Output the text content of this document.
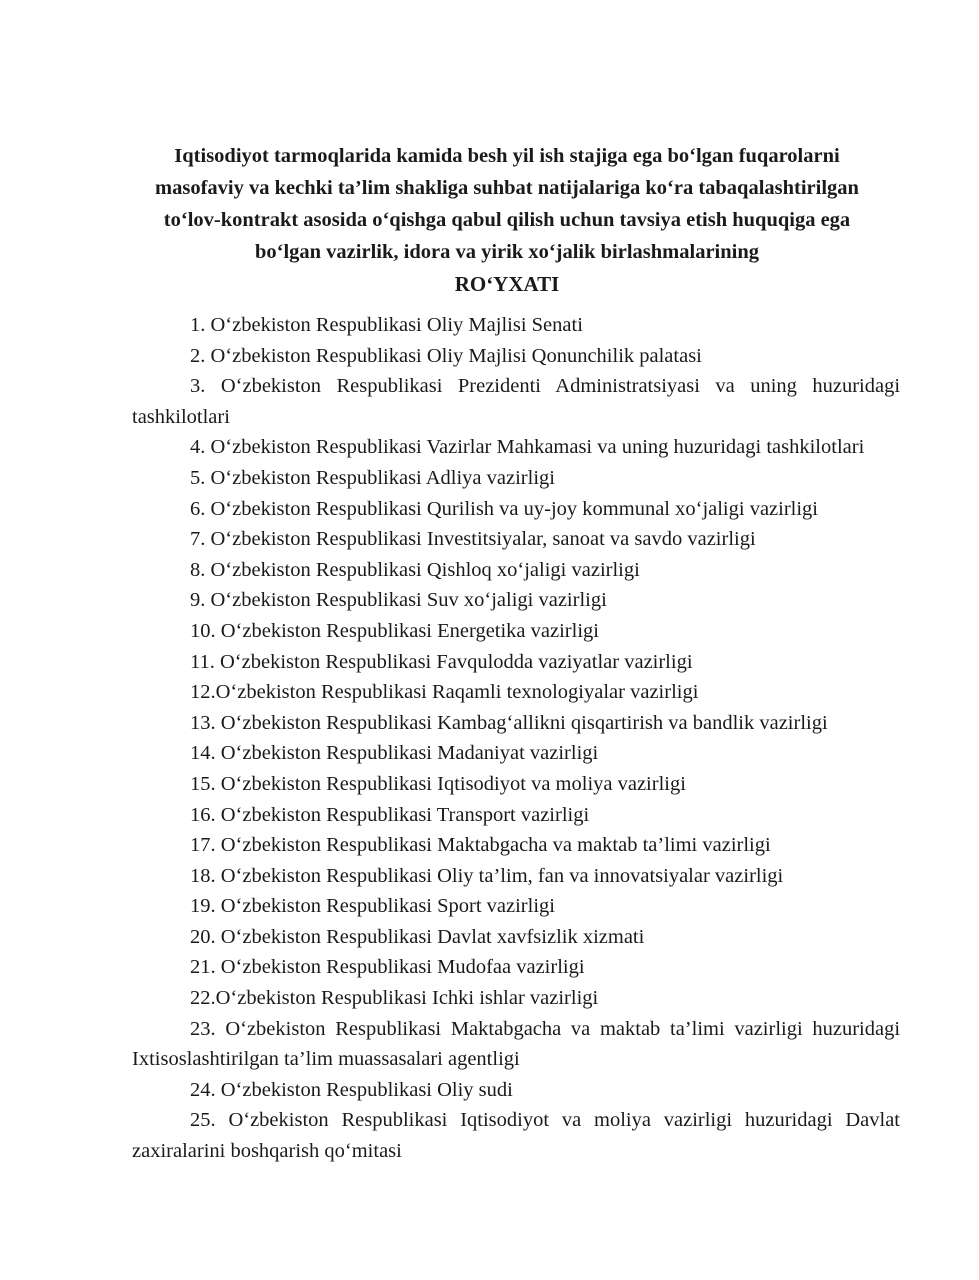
Iqtisodiyot tarmoqlarida kamida besh yil ish stajiga ega bo‘lgan fuqarolarni
masofaviy va kechki ta’lim shakliga suhbat natijalariga ko‘ra tabaqalashtirilgan
to‘lov-kontrakt asosida o‘qishga qabul qilish uchun tavsiya etish huquqiga ega
bo‘lgan vazirlik, idora va yirik xo‘jalik birlashmalarining
RO‘YXATI
1. O‘zbekiston Respublikasi Oliy Majlisi Senati
2. O‘zbekiston Respublikasi Oliy Majlisi Qonunchilik palatasi
3. O‘zbekiston Respublikasi Prezidenti Administratsiyasi va uning huzuridagi tashkilotlari
4. O‘zbekiston Respublikasi Vazirlar Mahkamasi va uning huzuridagi tashkilotlari
5. O‘zbekiston Respublikasi Adliya vazirligi
6. O‘zbekiston Respublikasi Qurilish va uy-joy kommunal xo‘jaligi vazirligi
7. O‘zbekiston Respublikasi Investitsiyalar, sanoat va savdo vazirligi
8. O‘zbekiston Respublikasi Qishloq xo‘jaligi vazirligi
9. O‘zbekiston Respublikasi Suv xo‘jaligi vazirligi
10. O‘zbekiston Respublikasi Energetika vazirligi
11. O‘zbekiston Respublikasi Favqulodda vaziyatlar vazirligi
12.O‘zbekiston Respublikasi Raqamli texnologiyalar vazirligi
13. O‘zbekiston Respublikasi Kambag‘allikni qisqartirish va bandlik vazirligi
14. O‘zbekiston Respublikasi Madaniyat vazirligi
15. O‘zbekiston Respublikasi Iqtisodiyot va moliya vazirligi
16. O‘zbekiston Respublikasi Transport vazirligi
17. O‘zbekiston Respublikasi Maktabgacha va maktab ta’limi vazirligi
18. O‘zbekiston Respublikasi Oliy ta’lim, fan va innovatsiyalar vazirligi
19. O‘zbekiston Respublikasi Sport vazirligi
20. O‘zbekiston Respublikasi Davlat xavfsizlik xizmati
21. O‘zbekiston Respublikasi Mudofaa vazirligi
22.O‘zbekiston Respublikasi Ichki ishlar vazirligi
23. O‘zbekiston Respublikasi Maktabgacha va maktab ta’limi vazirligi huzuridagi Ixtisoslashtirilgan ta’lim muassasalari agentligi
24. O‘zbekiston Respublikasi Oliy sudi
25. O‘zbekiston Respublikasi Iqtisodiyot va moliya vazirligi huzuridagi Davlat zaxiralarini boshqarish qo‘mitasi
